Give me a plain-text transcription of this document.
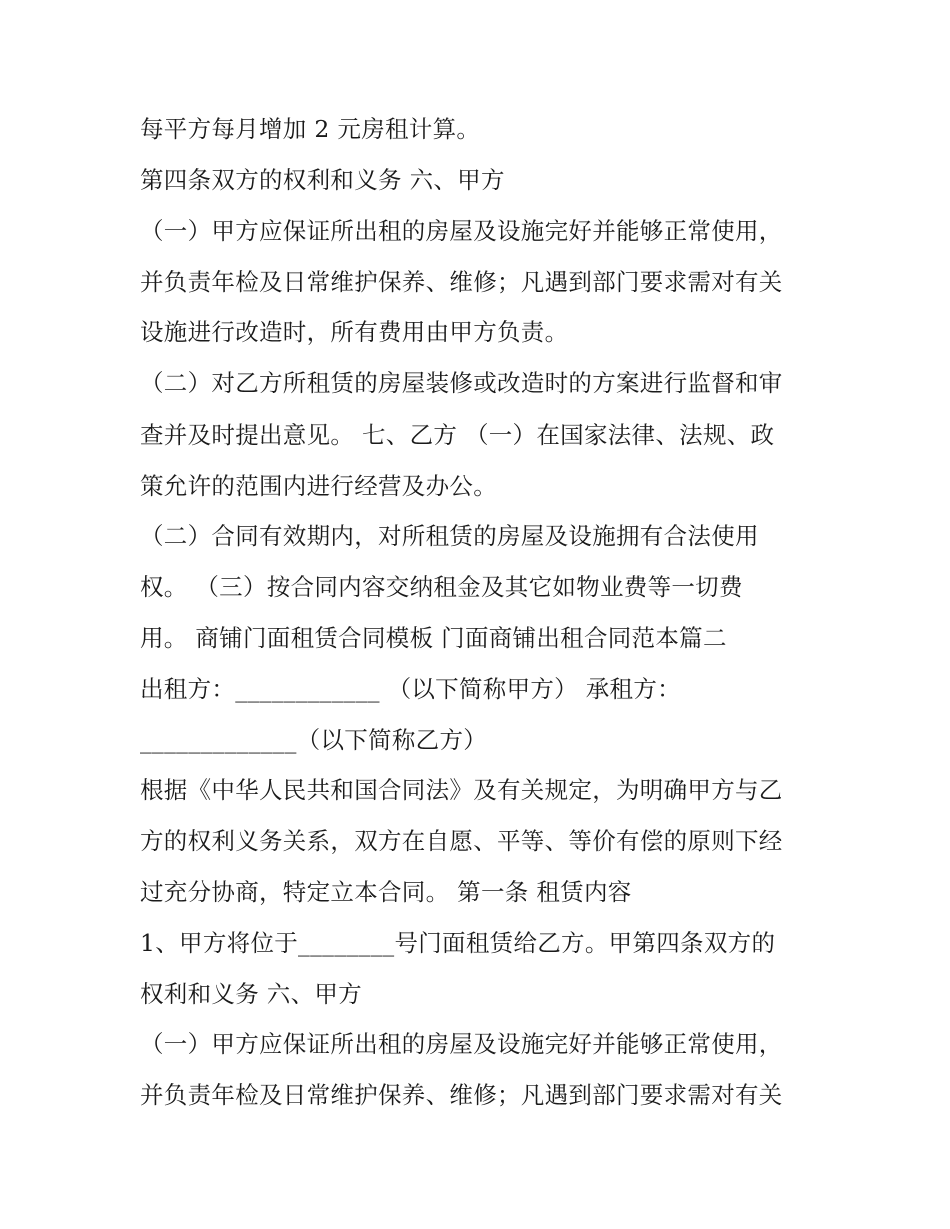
每平方每月增加 2 元房租计算。
第四条双方的权利和义务 六、甲方
（一）甲方应保证所出租的房屋及设施完好并能够正常使用，
并负责年检及日常维护保养、维修；凡遇到部门要求需对有关
设施进行改造时，所有费用由甲方负责。
（二）对乙方所租赁的房屋装修或改造时的方案进行监督和审
查并及时提出意见。 七、乙方 （一）在国家法律、法规、政
策允许的范围内进行经营及办公。
（二）合同有效期内，对所租赁的房屋及设施拥有合法使用
权。 （三）按合同内容交纳租金及其它如物业费等一切费
用。 商铺门面租赁合同模板 门面商铺出租合同范本篇二
出租方：____________ （以下简称甲方） 承租方：
_____________（以下简称乙方）
根据《中华人民共和国合同法》及有关规定，为明确甲方与乙
方的权利义务关系，双方在自愿、平等、等价有偿的原则下经
过充分协商，特定立本合同。 第一条 租赁内容
1、甲方将位于________号门面租赁给乙方。甲第四条双方的
权利和义务 六、甲方
（一）甲方应保证所出租的房屋及设施完好并能够正常使用，
并负责年检及日常维护保养、维修；凡遇到部门要求需对有关
